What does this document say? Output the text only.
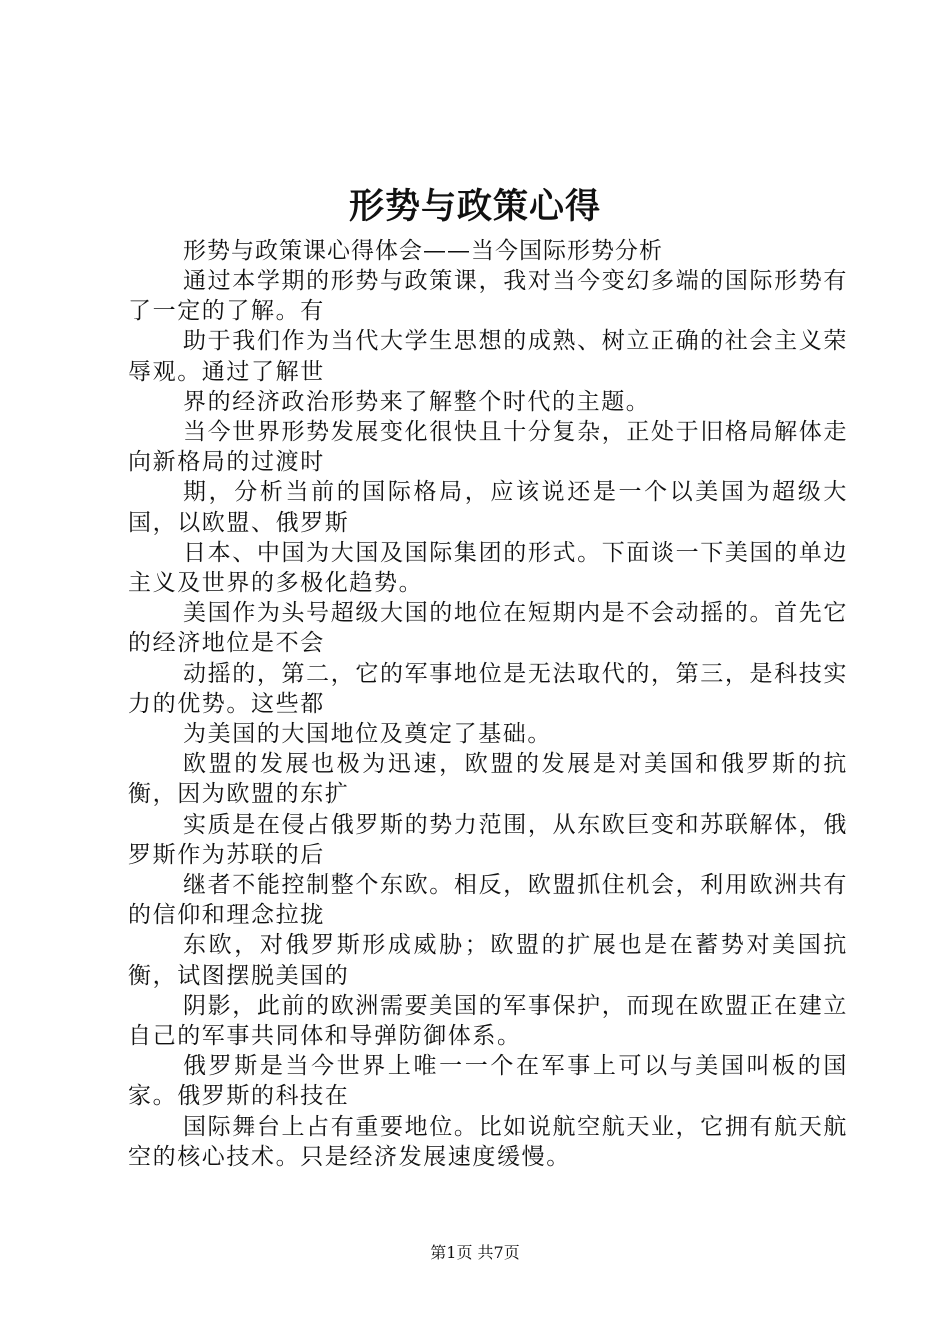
形势与政策心得
形势与政策课心得体会——当今国际形势分析

通过本学期的形势与政策课，我对当今变幻多端的国际形势有了一定的了解。有

助于我们作为当代大学生思想的成熟、树立正确的社会主义荣辱观。通过了解世

界的经济政治形势来了解整个时代的主题。

当今世界形势发展变化很快且十分复杂，正处于旧格局解体走向新格局的过渡时

期，分析当前的国际格局，应该说还是一个以美国为超级大国，以欧盟、俄罗斯

日本、中国为大国及国际集团的形式。下面谈一下美国的单边主义及世界的多极化趋势。

美国作为头号超级大国的地位在短期内是不会动摇的。首先它的经济地位是不会

动摇的，第二，它的军事地位是无法取代的，第三，是科技实力的优势。这些都

为美国的大国地位及奠定了基础。

欧盟的发展也极为迅速，欧盟的发展是对美国和俄罗斯的抗衡，因为欧盟的东扩

实质是在侵占俄罗斯的势力范围，从东欧巨变和苏联解体，俄罗斯作为苏联的后

继者不能控制整个东欧。相反，欧盟抓住机会，利用欧洲共有的信仰和理念拉拢

东欧，对俄罗斯形成威胁；欧盟的扩展也是在蓄势对美国抗衡，试图摆脱美国的

阴影，此前的欧洲需要美国的军事保护，而现在欧盟正在建立自己的军事共同体和导弹防御体系。

俄罗斯是当今世界上唯一一个在军事上可以与美国叫板的国家。俄罗斯的科技在

国际舞台上占有重要地位。比如说航空航天业，它拥有航天航空的核心技术。只是经济发展速度缓慢。

第1页 共7页
